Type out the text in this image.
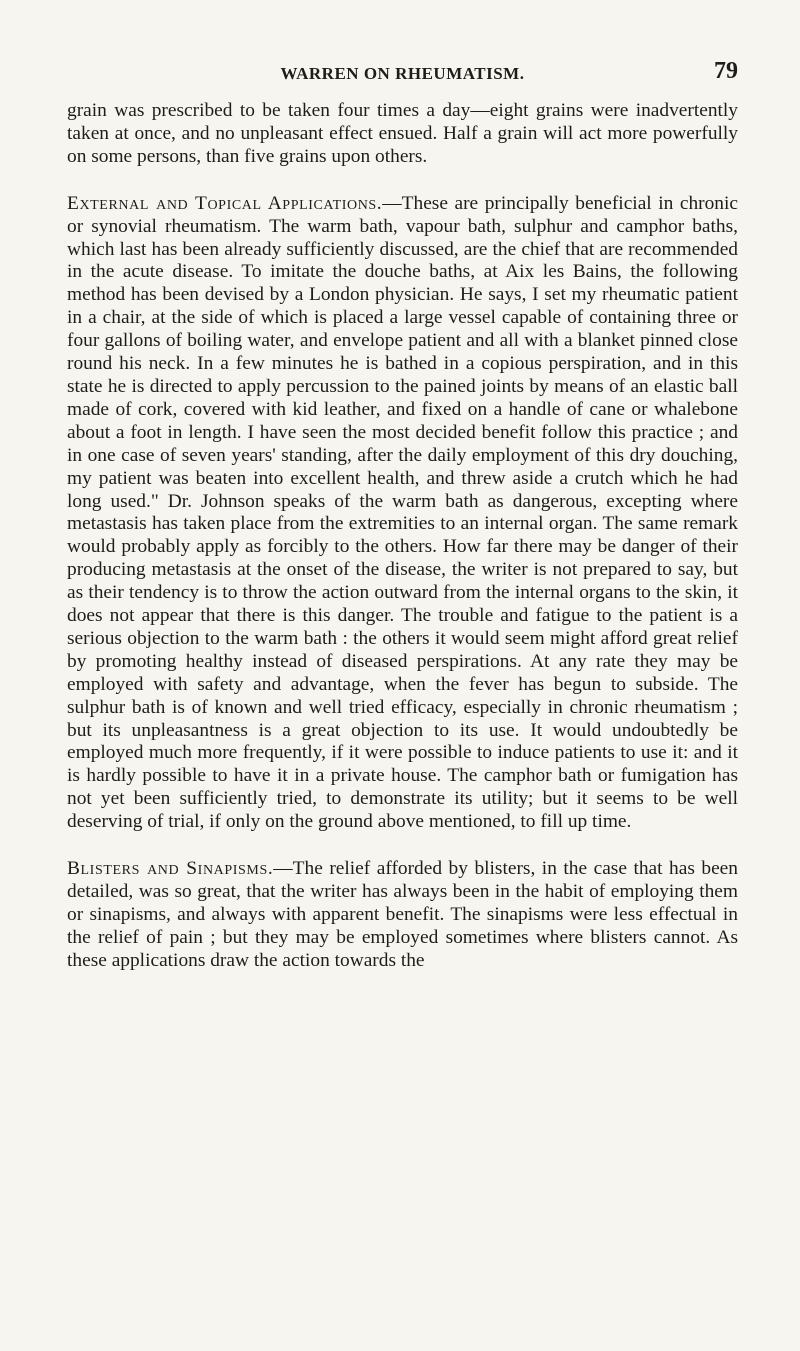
WARREN ON RHEUMATISM.	79

grain was prescribed to be taken four times a day—eight grains were inadvertently taken at once, and no unpleasant effect ensued. Half a grain will act more powerfully on some persons, than five grains upon others.

External and Topical Applications.—These are principally beneficial in chronic or synovial rheumatism. The warm bath, vapour bath, sulphur and camphor baths, which last has been already sufficiently discussed, are the chief that are recommended in the acute disease. To imitate the douche baths, at Aix les Bains, the following method has been devised by a London physician. He says, I set my rheumatic patient in a chair, at the side of which is placed a large vessel capable of containing three or four gallons of boiling water, and envelope patient and all with a blanket pinned close round his neck. In a few minutes he is bathed in a copious perspiration, and in this state he is directed to apply percussion to the pained joints by means of an elastic ball made of cork, covered with kid leather, and fixed on a handle of cane or whalebone about a foot in length. I have seen the most decided benefit follow this practice ; and in one case of seven years' standing, after the daily employment of this dry douching, my patient was beaten into excellent health, and threw aside a crutch which he had long used." Dr. Johnson speaks of the warm bath as dangerous, excepting where metastasis has taken place from the extremities to an internal organ. The same remark would probably apply as forcibly to the others. How far there may be danger of their producing metastasis at the onset of the disease, the writer is not prepared to say, but as their tendency is to throw the action outward from the internal organs to the skin, it does not appear that there is this danger. The trouble and fatigue to the patient is a serious objection to the warm bath : the others it would seem might afford great relief by promoting healthy instead of diseased perspirations. At any rate they may be employed with safety and advantage, when the fever has begun to subside. The sulphur bath is of known and well tried efficacy, especially in chronic rheumatism ; but its unpleasantness is a great objection to its use. It would undoubtedly be employed much more frequently, if it were possible to induce patients to use it: and it is hardly possible to have it in a private house. The camphor bath or fumigation has not yet been sufficiently tried, to demonstrate its utility; but it seems to be well deserving of trial, if only on the ground above mentioned, to fill up time.

Blisters and Sinapisms.—The relief afforded by blisters, in the case that has been detailed, was so great, that the writer has always been in the habit of employing them or sinapisms, and always with apparent benefit. The sinapisms were less effectual in the relief of pain ; but they may be employed sometimes where blisters cannot. As these applications draw the action towards the
